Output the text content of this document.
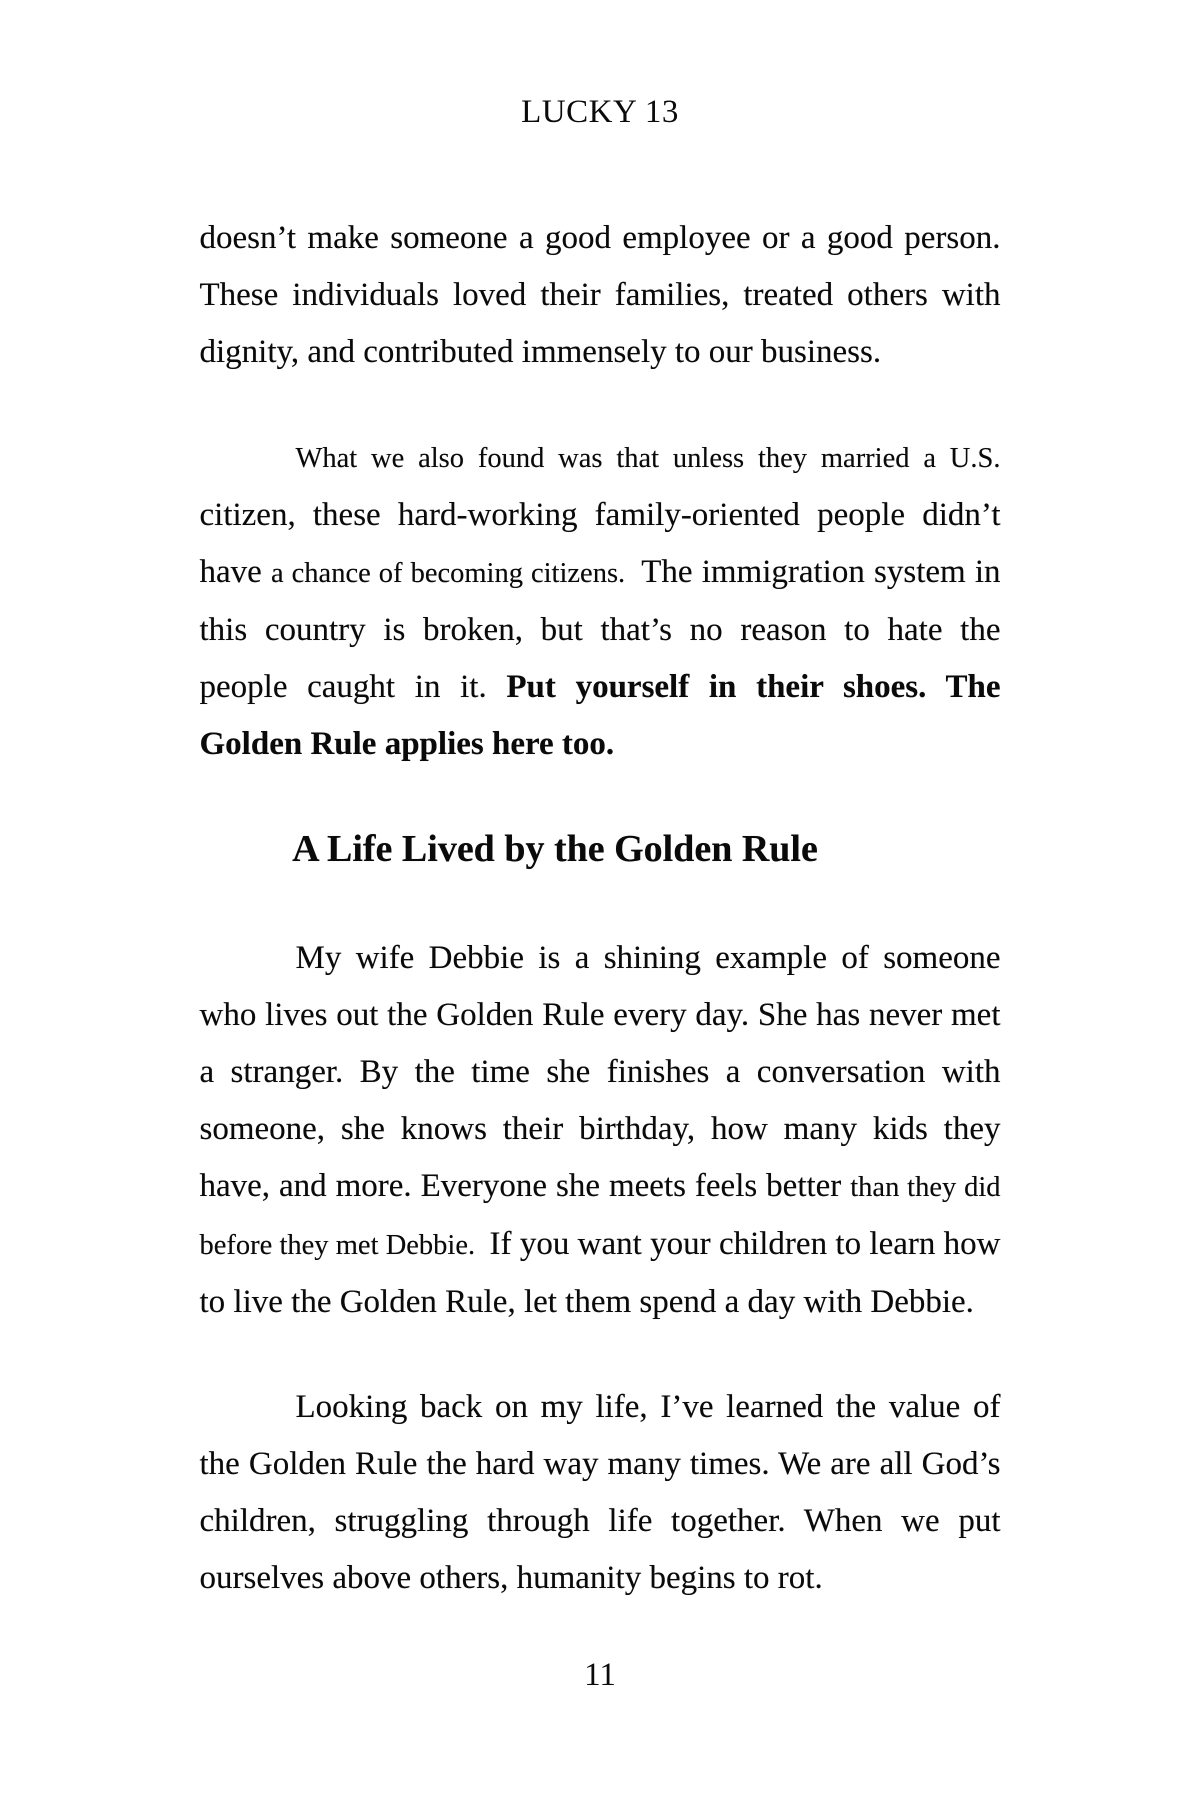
LUCKY 13

doesn’t make someone a good employee or a good person. These individuals loved their families, treated others with dignity, and contributed immensely to our business.

What we also found was that unless they married a U.S. citizen, these hard-working family-oriented people didn’t have a chance of becoming citizens.  The immigration system in this country is broken, but that’s no reason to hate the people caught in it. Put yourself in their shoes. The Golden Rule applies here too.

A Life Lived by the Golden Rule

My wife Debbie is a shining example of someone who lives out the Golden Rule every day. She has never met a stranger. By the time she finishes a conversation with someone, she knows their birthday, how many kids they have, and more. Everyone she meets feels better than they did before they met Debbie.  If you want your children to learn how to live the Golden Rule, let them spend a day with Debbie.

Looking back on my life, I’ve learned the value of the Golden Rule the hard way many times. We are all God’s children, struggling through life together. When we put ourselves above others, humanity begins to rot.

11
